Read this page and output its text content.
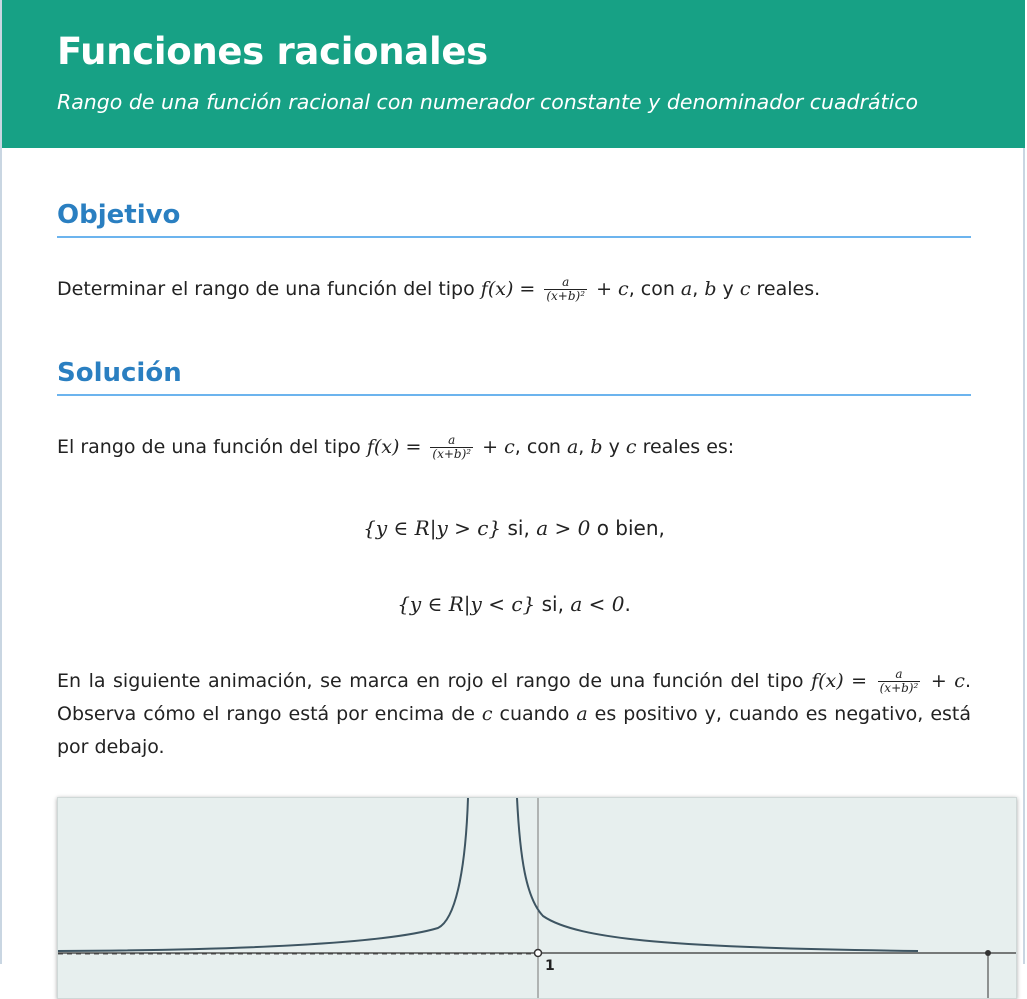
Funciones racionales
Rango de una función racional con numerador constante y denominador cuadrático
Objetivo
Determinar el rango de una función del tipo $f(x) = \frac{a}{\text{(x+b)²}} + c$, con a, b y c reales.
Solución
El rango de una función del tipo $f(x) = \frac{a}{\text{(x+b)²}} + c$, con a, b y c reales es:
{y ∈ R|y > c} si, a > 0 o bien,
{y ∈ R|y < c} si, a < 0.
En la siguiente animación, se marca en rojo el rango de una función del tipo $f(x) = \frac{a}{\text{(x+b)²}} + c$. Observa cómo el rango está por encima de c cuando a es positivo y, cuando es negativo, está por debajo.
1
